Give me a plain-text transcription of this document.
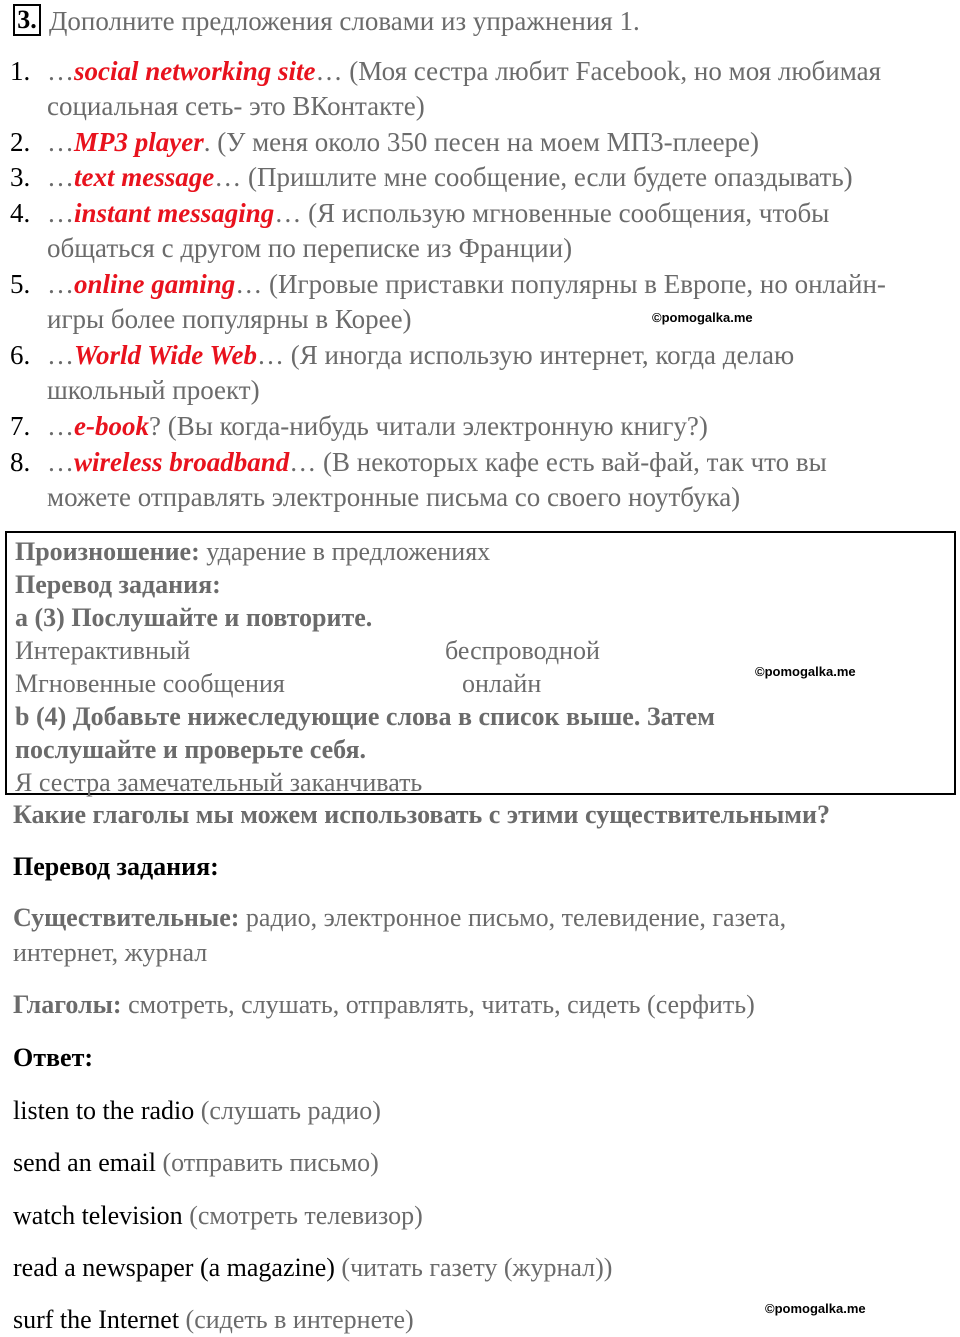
3. Дополните предложения словами из упражнения 1.
1. …social networking site… (Моя сестра любит Facebook, но моя любимая
социальная сеть- это ВКонтакте)
2. …MP3 player. (У меня около 350 песен на моем МП3-плеере)
3. …text message… (Пришлите мне сообщение, если будете опаздывать)
4. …instant messaging… (Я использую мгновенные сообщения, чтобы
общаться с другом по переписке из Франции)
5. …online gaming… (Игровые приставки популярны в Европе, но онлайн-
игры более популярны в Корее)
6. …World Wide Web… (Я иногда использую интернет, когда делаю
школьный проект)
7. …e-book? (Вы когда-нибудь читали электронную книгу?)
8. …wireless broadband… (В некоторых кафе есть вай-фай, так что вы
можете отправлять электронные письма со своего ноутбука)
©pomogalka.me
Произношение: ударение в предложениях
Перевод задания:
a (3) Послушайте и повторите.
Интерактивный	беспроводной
Мгновенные сообщения	онлайн
b (4) Добавьте нижеследующие слова в список выше. Затем
послушайте и проверьте себя.
Я сестра замечательный заканчивать
©pomogalka.me
Какие глаголы мы можем использовать с этими существительными?
Перевод задания:
Существительные: радио, электронное письмо, телевидение, газета,
интернет, журнал
Глаголы: смотреть, слушать, отправлять, читать, сидеть (серфить)
Ответ:
listen to the radio (слушать радио)
send an email (отправить письмо)
watch television (смотреть телевизор)
read a newspaper (a magazine) (читать газету (журнал))
surf the Internet (сидеть в интернете)	©pomogalka.me
